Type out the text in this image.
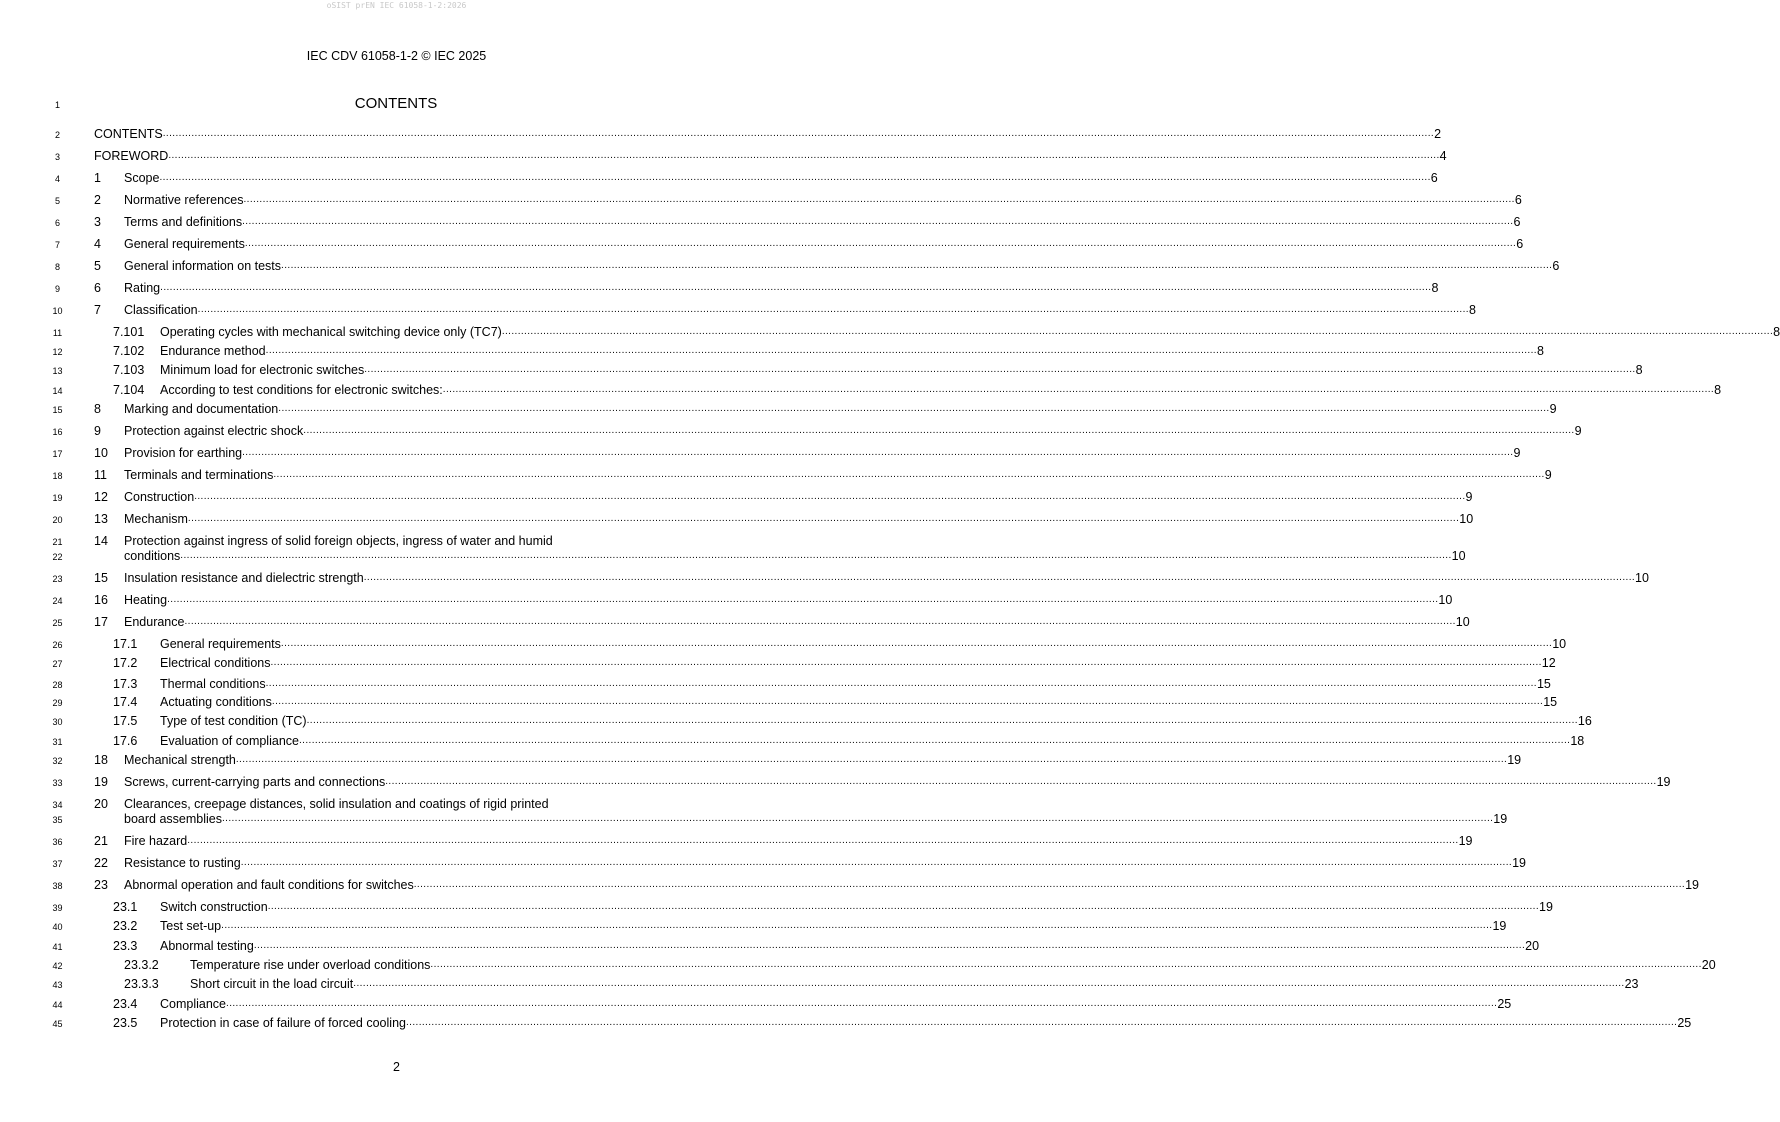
oSIST prEN IEC 61058-1-2:2026
IEC CDV 61058-1-2 © IEC 2025
1	CONTENTS
2	CONTENTS ................................................................................................................................................................................................................................................................................................................................................................................................................ 2
3	FOREWORD ................................................................................................................................................................................................................................................................................................................................................................................................................ 4
4	1 Scope ................................................................................................................................................................................................................................................................................................................................................................................................................ 6
5	2 Normative references ................................................................................................................................................................................................................................................................................................................................................................................................................ 6
6	3 Terms and definitions ................................................................................................................................................................................................................................................................................................................................................................................................................ 6
7	4 General requirements ................................................................................................................................................................................................................................................................................................................................................................................................................ 6
8	5 General information on tests ................................................................................................................................................................................................................................................................................................................................................................................................................ 6
9	6 Rating ................................................................................................................................................................................................................................................................................................................................................................................................................ 8
10	7 Classification ................................................................................................................................................................................................................................................................................................................................................................................................................ 8
11	7.101 Operating cycles with mechanical switching device only (TC7) ................................................................................................................................................................................................................................................................................................................................................................................................................ 8
12	7.102 Endurance method ................................................................................................................................................................................................................................................................................................................................................................................................................ 8
13	7.103 Minimum load for electronic switches ................................................................................................................................................................................................................................................................................................................................................................................................................ 8
14	7.104 According to test conditions for electronic switches: ................................................................................................................................................................................................................................................................................................................................................................................................................ 8
15	8 Marking and documentation ................................................................................................................................................................................................................................................................................................................................................................................................................ 9
16	9 Protection against electric shock ................................................................................................................................................................................................................................................................................................................................................................................................................ 9
17	10 Provision for earthing ................................................................................................................................................................................................................................................................................................................................................................................................................ 9
18	11 Terminals and terminations ................................................................................................................................................................................................................................................................................................................................................................................................................ 9
19	12 Construction ................................................................................................................................................................................................................................................................................................................................................................................................................ 9
20	13 Mechanism ................................................................................................................................................................................................................................................................................................................................................................................................................ 10
21	14 Protection against ingress of solid foreign objects, ingress of water and humid
22	conditions ................................................................................................................................................................................................................................................................................................................................................................................................................ 10
23	15 Insulation resistance and dielectric strength ................................................................................................................................................................................................................................................................................................................................................................................................................ 10
24	16 Heating ................................................................................................................................................................................................................................................................................................................................................................................................................ 10
25	17 Endurance ................................................................................................................................................................................................................................................................................................................................................................................................................ 10
26	17.1 General requirements ................................................................................................................................................................................................................................................................................................................................................................................................................ 10
27	17.2 Electrical conditions ................................................................................................................................................................................................................................................................................................................................................................................................................ 12
28	17.3 Thermal conditions ................................................................................................................................................................................................................................................................................................................................................................................................................ 15
29	17.4 Actuating conditions ................................................................................................................................................................................................................................................................................................................................................................................................................ 15
30	17.5 Type of test condition (TC) ................................................................................................................................................................................................................................................................................................................................................................................................................ 16
31	17.6 Evaluation of compliance ................................................................................................................................................................................................................................................................................................................................................................................................................ 18
32	18 Mechanical strength ................................................................................................................................................................................................................................................................................................................................................................................................................ 19
33	19 Screws, current-carrying parts and connections ................................................................................................................................................................................................................................................................................................................................................................................................................ 19
34	20 Clearances, creepage distances, solid insulation and coatings of rigid printed
35	board assemblies ................................................................................................................................................................................................................................................................................................................................................................................................................ 19
36	21 Fire hazard ................................................................................................................................................................................................................................................................................................................................................................................................................ 19
37	22 Resistance to rusting ................................................................................................................................................................................................................................................................................................................................................................................................................ 19
38	23 Abnormal operation and fault conditions for switches ................................................................................................................................................................................................................................................................................................................................................................................................................ 19
39	23.1 Switch construction ................................................................................................................................................................................................................................................................................................................................................................................................................ 19
40	23.2 Test set-up ................................................................................................................................................................................................................................................................................................................................................................................................................ 19
41	23.3 Abnormal testing ................................................................................................................................................................................................................................................................................................................................................................................................................ 20
42	23.3.2 Temperature rise under overload conditions ................................................................................................................................................................................................................................................................................................................................................................................................................ 20
43	23.3.3 Short circuit in the load circuit ................................................................................................................................................................................................................................................................................................................................................................................................................ 23
44	23.4 Compliance ................................................................................................................................................................................................................................................................................................................................................................................................................ 25
45	23.5 Protection in case of failure of forced cooling ................................................................................................................................................................................................................................................................................................................................................................................................................ 25
2
